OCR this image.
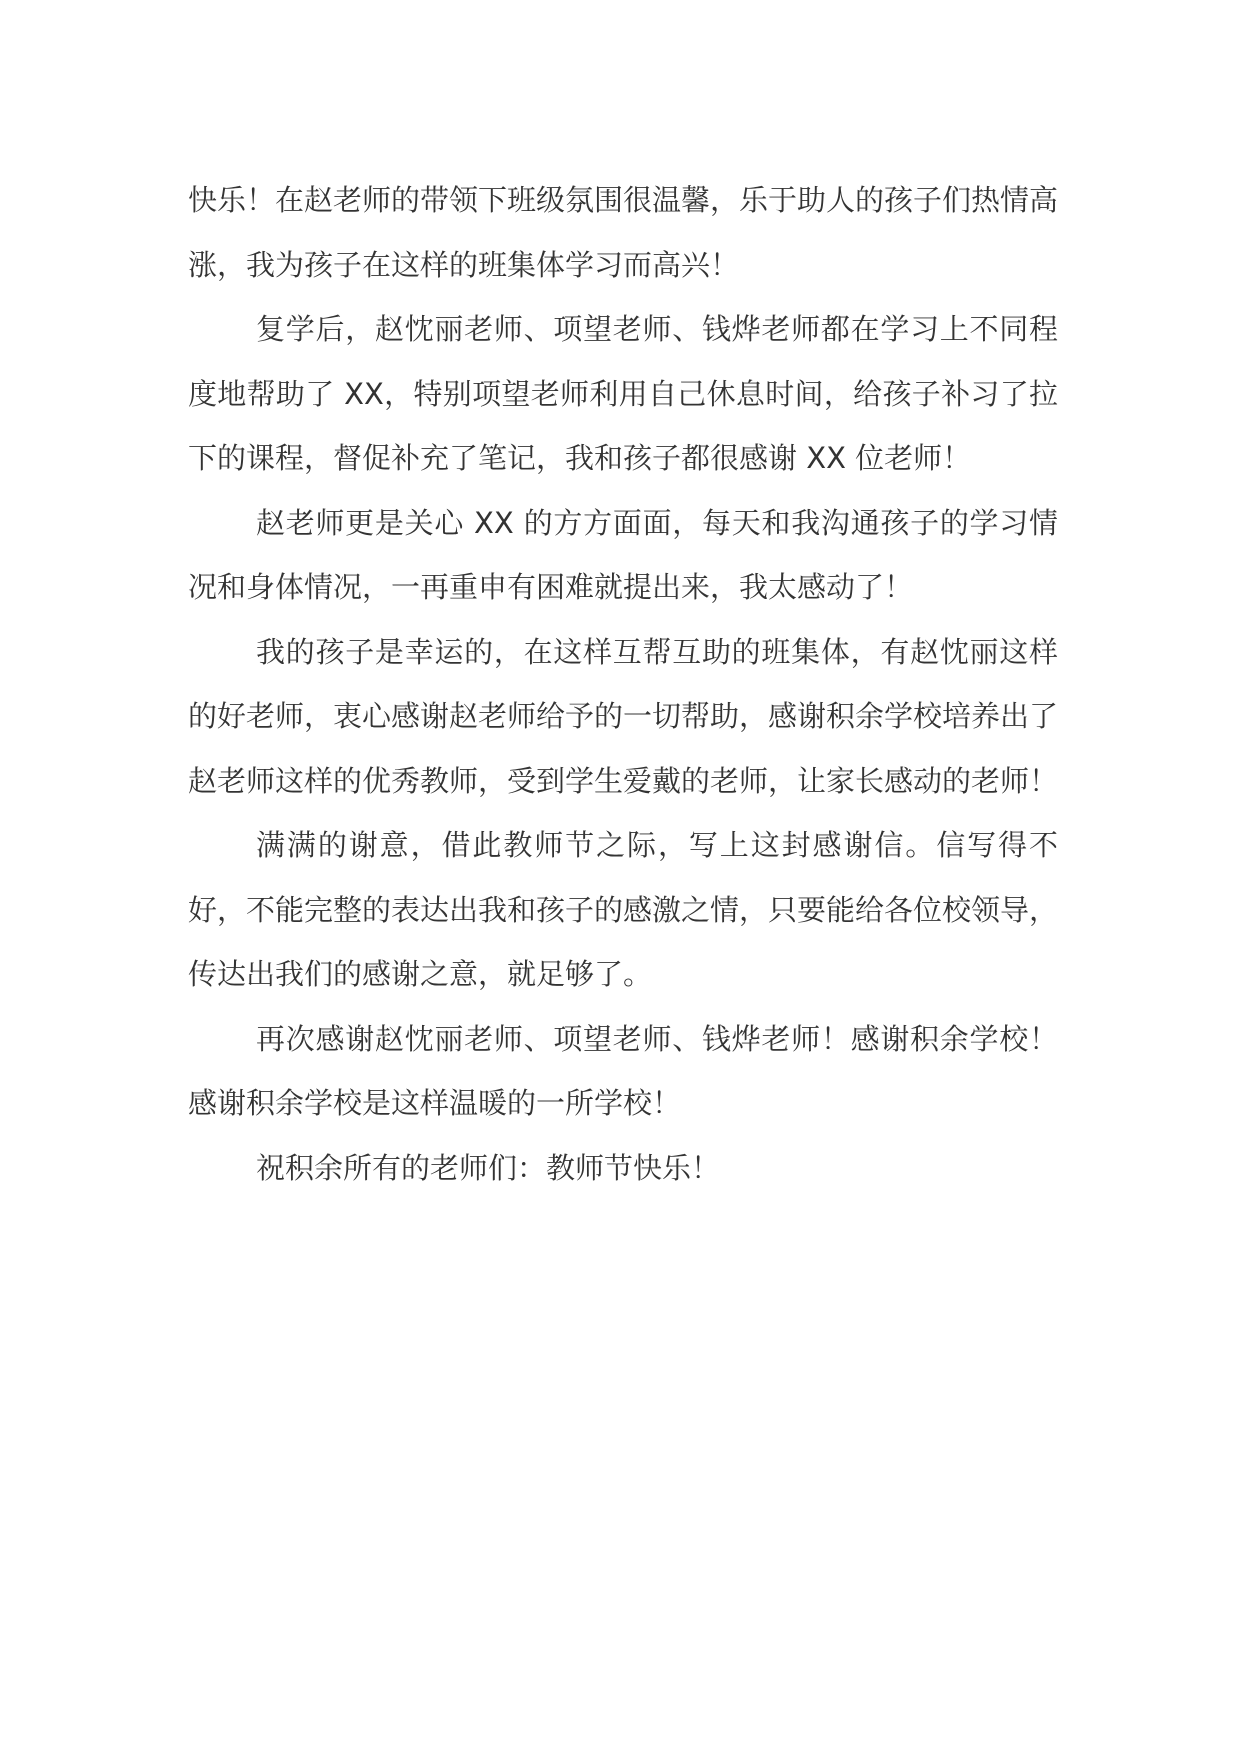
快乐！在赵老师的带领下班级氛围很温馨，乐于助人的孩子们热情高涨，我为孩子在这样的班集体学习而高兴！

复学后，赵忱丽老师、项望老师、钱烨老师都在学习上不同程度地帮助了 XX，特别项望老师利用自己休息时间，给孩子补习了拉下的课程，督促补充了笔记，我和孩子都很感谢 XX 位老师！

赵老师更是关心 XX 的方方面面，每天和我沟通孩子的学习情况和身体情况，一再重申有困难就提出来，我太感动了！

我的孩子是幸运的，在这样互帮互助的班集体，有赵忱丽这样的好老师，衷心感谢赵老师给予的一切帮助，感谢积余学校培养出了赵老师这样的优秀教师，受到学生爱戴的老师，让家长感动的老师！

满满的谢意，借此教师节之际，写上这封感谢信。信写得不好，不能完整的表达出我和孩子的感激之情，只要能给各位校领导，传达出我们的感谢之意，就足够了。

再次感谢赵忱丽老师、项望老师、钱烨老师！感谢积余学校！感谢积余学校是这样温暖的一所学校！

祝积余所有的老师们：教师节快乐！
